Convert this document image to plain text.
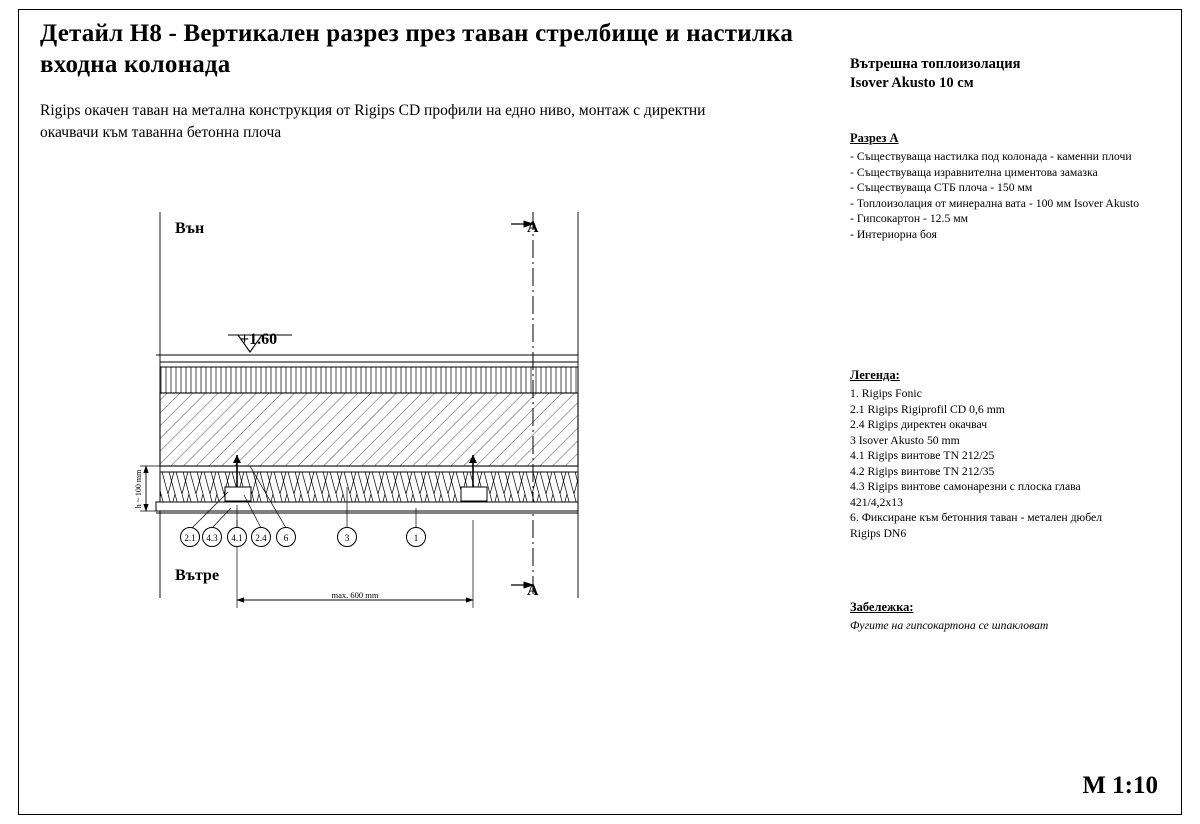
Детайл H8 - Вертикален разрез през таван стрелбище и настилка входна колонада
Rigips окачен таван на метална конструкция от Rigips CD профили на едно ниво, монтаж с директни окачвачи към таванна бетонна плоча
Вътрешна топлоизолация
Isover Akusto 10 см
Разрез А
- Съществуваща настилка под колонада - каменни плочи
- Съществуваща изравнителна циментова замазка
- Съществуваща СТБ плоча - 150 мм
- Топлоизолация от минерална вата - 100 мм Isover Akusto
- Гипсокартон - 12.5 мм
- Интериорна боя
Легенда:
1. Rigips Fonic
2.1 Rigips Rigiprofil CD 0,6 mm
2.4 Rigips директен окачвач
3 Isover Akusto 50 mm
4.1 Rigips винтове TN 212/25
4.2 Rigips винтове TN 212/35
4.3 Rigips винтове самонарезни с плоска глава
421/4,2x13
6. Фиксиране към бетонния таван - метален дюбел
Rigips DN6
Забележка:
Фугите на гипсокартона се шпакловат
M 1:10
h ~ 100 mm
max. 600 mm
2.1 4.3 4.1 2.4 6	3	1
Вън
Вътре
А
А
+1.60
